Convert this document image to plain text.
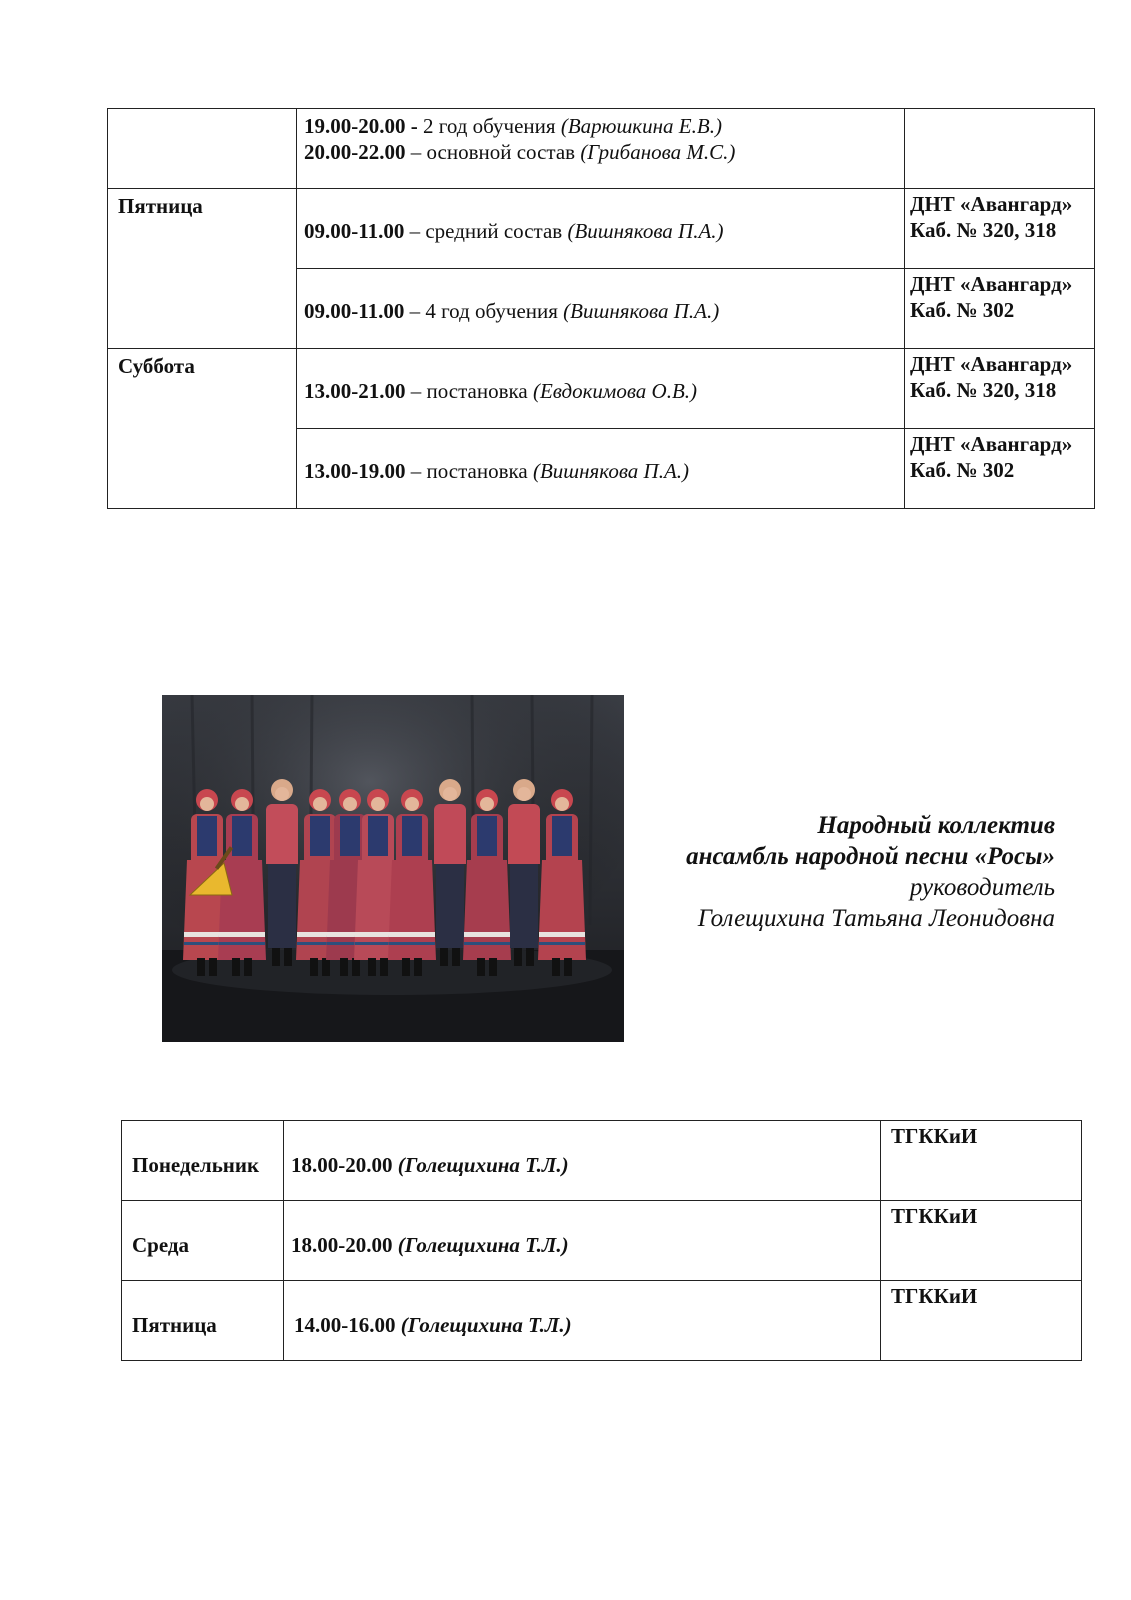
	19.00-20.00 - 2 год обучения (Варюшкина Е.В.)
20.00-22.00 – основной состав (Грибанова М.С.)	

Пятница	09.00-11.00 – средний состав (Вишнякова П.А.)	ДНТ «Авангард»
Каб. № 320, 318

	09.00-11.00 – 4 год обучения (Вишнякова П.А.)	ДНТ «Авангард»
Каб. № 302

Суббота	13.00-21.00 – постановка (Евдокимова О.В.)	ДНТ «Авангард»
Каб. № 320, 318

	13.00-19.00 – постановка (Вишнякова П.А.)	ДНТ «Авангард»
Каб. № 302
Народный коллектив
ансамбль народной песни «Росы»
руководитель
Голещихина Татьяна Леонидовна
Понедельник	18.00-20.00 (Голещихина Т.Л.)	ТГККиИ
Среда	18.00-20.00 (Голещихина Т.Л.)	ТГККиИ
Пятница	14.00-16.00 (Голещихина Т.Л.)	ТГККиИ
